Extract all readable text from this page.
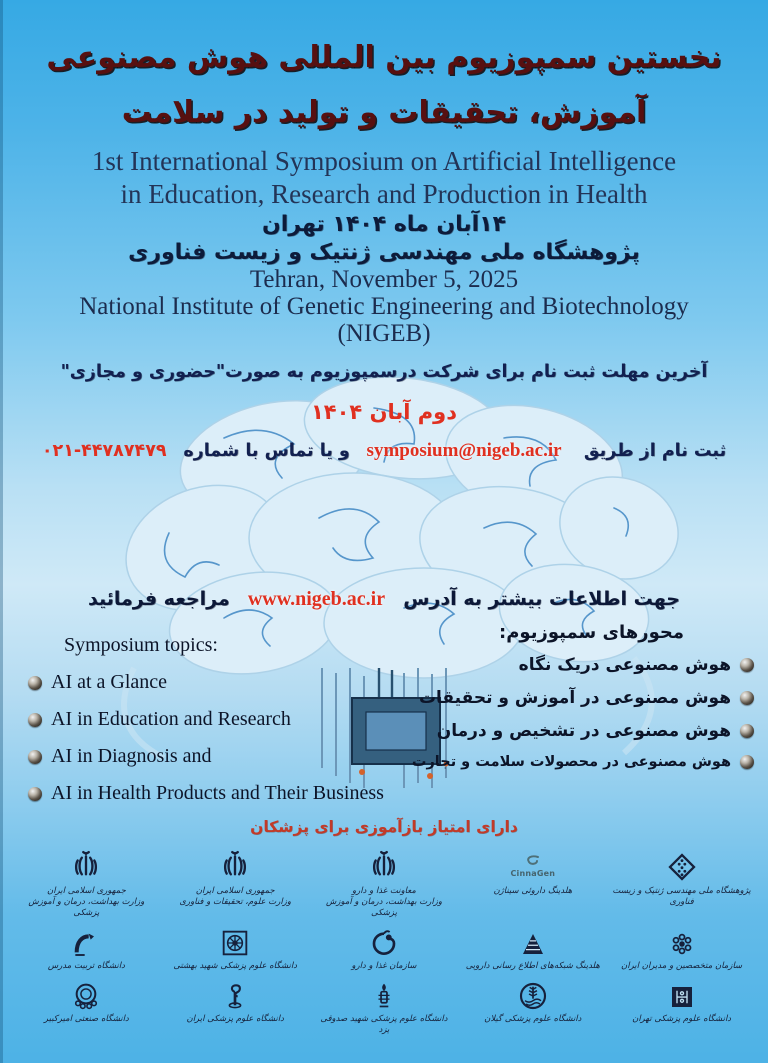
نخستین سمپوزیوم بین المللی هوش مصنوعی
آموزش، تحقیقات و تولید در سلامت
1st International Symposium on Artificial Intelligence
in Education, Research and Production in Health
۱۴آبان ماه ۱۴۰۴ تهران
پژوهشگاه ملی مهندسی ژنتیک و زیست فناوری
Tehran, November 5, 2025
National Institute of Genetic Engineering and Biotechnology
(NIGEB)
آخرین مهلت ثبت نام برای شرکت درسمپوزیوم به صورت"حضوری و مجازی"
دوم آبان ۱۴۰۴
ثبت نام از طریق    symposium@nigeb.ac.ir   و یا تماس با شماره   ۰۲۱-۴۴۷۸۷۴۷۹
جهت اطلاعات بیشتر به آدرس   www.nigeb.ac.ir   مراجعه فرمائید
Symposium topics:
AI at a Glance
AI in Education and Research
AI in Diagnosis and
AI in Health Products and Their Business
محورهای سمپوزیوم:
هوش مصنوعی دریک نگاه
هوش مصنوعی در آموزش و تحقیقات
هوش مصنوعی در تشخیص و درمان
هوش مصنوعی در محصولات سلامت و تجارت
دارای امتیاز بازآموزی برای پزشکان
جمهوری اسلامی ایران
وزارت بهداشت، درمان و آموزش پزشکی
جمهوری اسلامی ایران
وزارت علوم، تحقیقات و فناوری
معاونت غذا و دارو
وزارت بهداشت، درمان و آموزش پزشکی
CinnaGen
هلدینگ داروئی سیناژن	پژوهشگاه ملی مهندسی ژنتیک و زیست فناوری
دانشگاه تربیت مدرس	دانشگاه علوم پزشکی شهید بهشتی	سازمان غذا و دارو	هلدینگ شبکه‌های اطلاع رسانی دارویی سازمان متخصصین و مدیران ایران
دانشگاه صنعتی امیرکبیر	دانشگاه علوم پزشکی ایران	دانشگاه علوم پزشکی شهید صدوقی یزد
دانشگاه علوم پزشکی گیلان	دانشگاه علوم پزشکی تهران
